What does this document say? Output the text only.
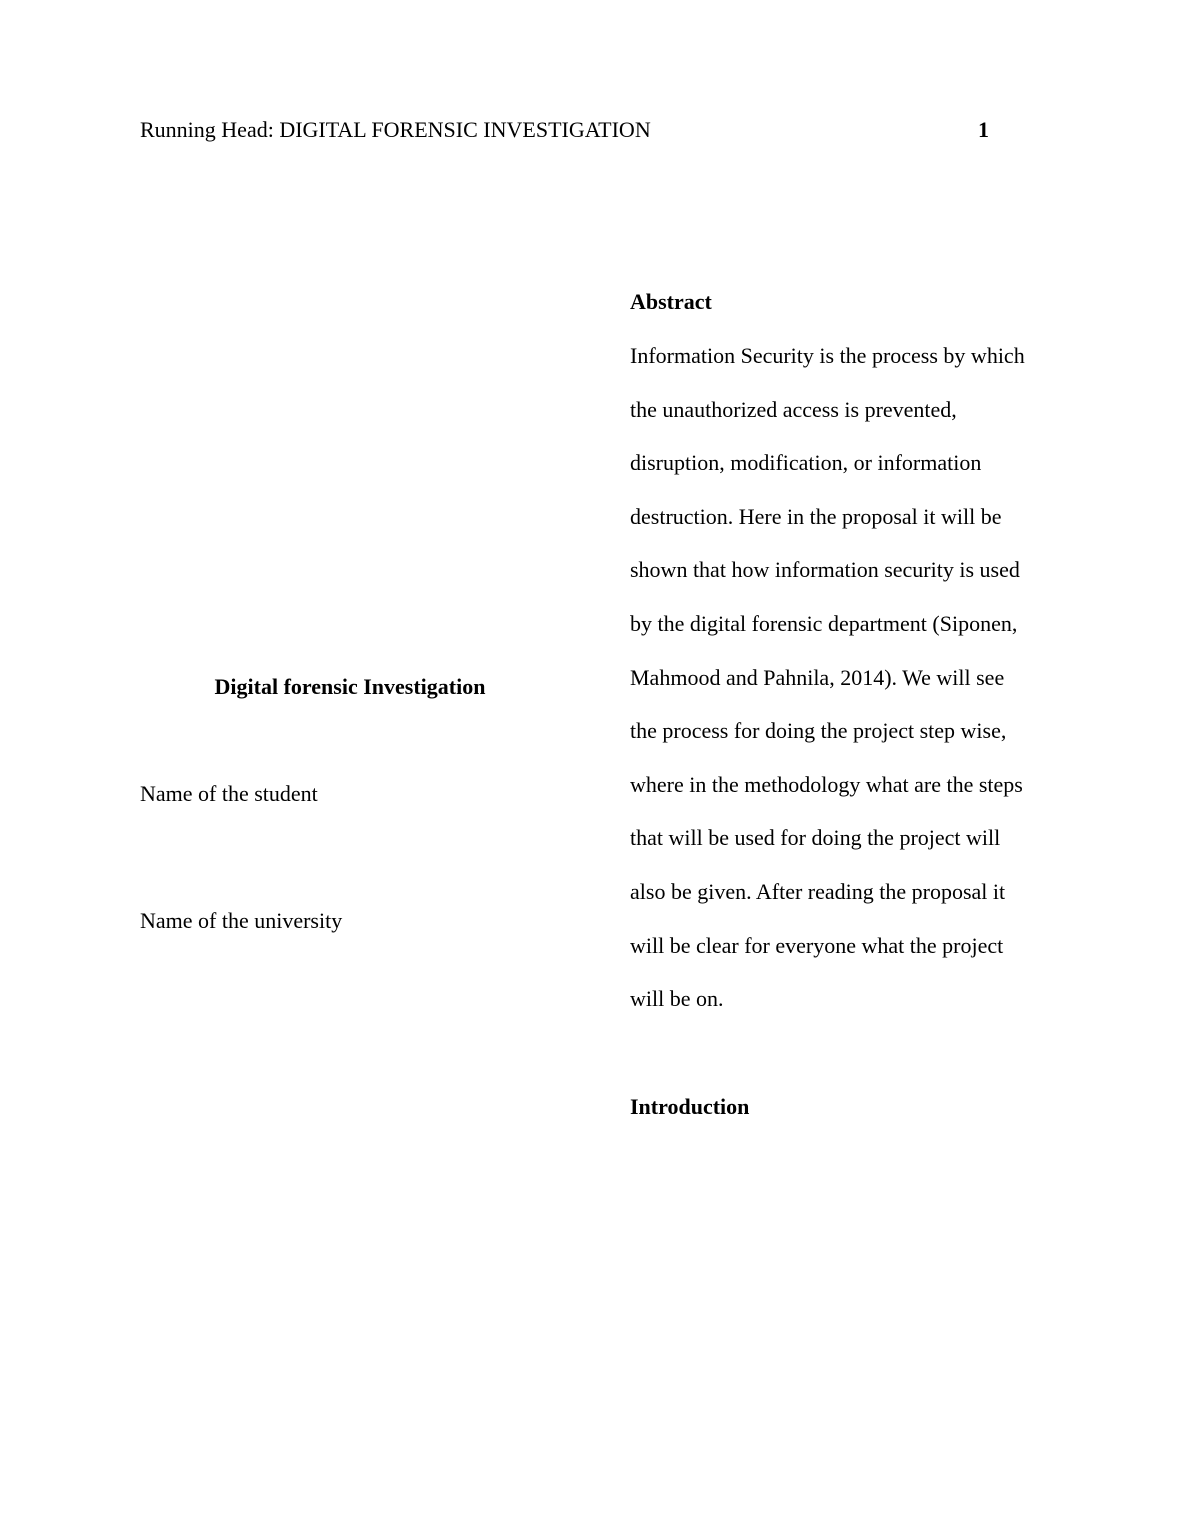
Running Head: DIGITAL FORENSIC INVESTIGATION	1
Digital forensic Investigation
Name of the student
Name of the university
Abstract
Information Security is the process by which
the unauthorized access is prevented,
disruption, modification, or information
destruction. Here in the proposal it will be
shown that how information security is used
by the digital forensic department (Siponen,
Mahmood and Pahnila, 2014). We will see
the process for doing the project step wise,
where in the methodology what are the steps
that will be used for doing the project will
also be given. After reading the proposal it
will be clear for everyone what the project
will be on.
Introduction
